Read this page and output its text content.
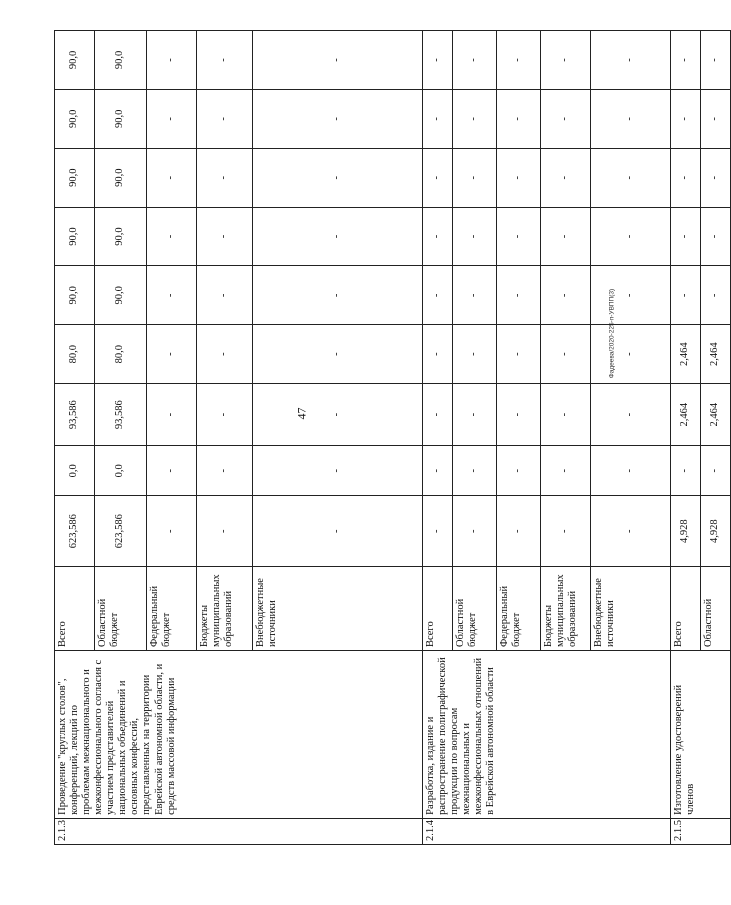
47
Фадеева/2020-225-п-УВПП(3)
2.1.3	Проведение "круглых столов", конференций, лекций по проблемам межнационального и межконфессионального согласия с участием представителей национальных объединений и основных конфессий, представленных на территории Еврейской автономной области, и средств массовой информации	Всего	623,586	0,0	93,586	80,0	90,0	90,0	90,0	90,0	90,0
		Областной бюджет	623,586	0,0	93,586	80,0	90,0	90,0	90,0	90,0	90,0
		Федеральный бюджет	-	-	-	-	-	-	-	-	-
		Бюджеты муниципальных образований	-	-	-	-	-	-	-	-	-
		Внебюджетные источники	-	-	-	-	-	-	-	-	-
2.1.4	Разработка, издание и распространение полиграфической продукции по вопросам межнациональных и межконфессиональных отношений в Еврейской автономной области	Всего	-	-	-	-	-	-	-	-	-
		Областной бюджет	-	-	-	-	-	-	-	-	-
		Федеральный бюджет	-	-	-	-	-	-	-	-	-
		Бюджеты муниципальных образований	-	-	-	-	-	-	-	-	-
		Внебюджетные источники	-	-	-	-	-	-	-	-	-
2.1.5	Изготовление удостоверений членов	Всего	4,928	-	2,464	2,464	-	-	-	-	-
		Областной	4,928	-	2,464	2,464	-	-	-	-	-
